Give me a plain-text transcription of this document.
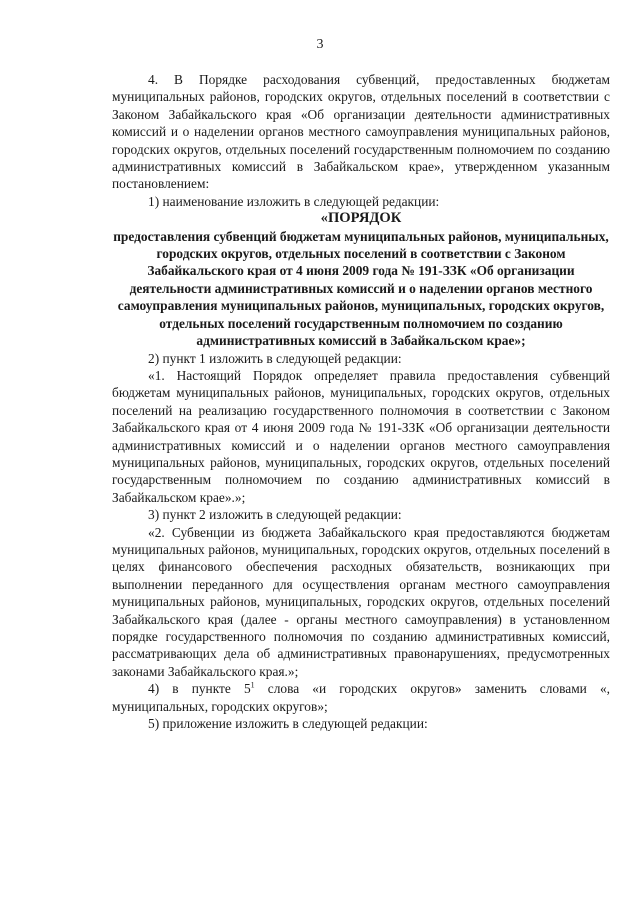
3

4. В Порядке расходования субвенций, предоставленных бюджетам муниципальных районов, городских округов, отдельных поселений в соответствии с Законом Забайкальского края «Об организации деятельности административных комиссий и о наделении органов местного самоуправления муниципальных районов, городских округов, отдельных поселений государственным полномочием по созданию административных комиссий в Забайкальском крае», утвержденном указанным постановлением:

1) наименование изложить в следующей редакции:

«ПОРЯДОК

предоставления субвенций бюджетам муниципальных районов, муниципальных, городских округов, отдельных поселений в соответствии с Законом Забайкальского края от 4 июня 2009 года № 191-ЗЗК «Об организации деятельности административных комиссий и о наделении органов местного самоуправления муниципальных районов, муниципальных, городских округов, отдельных поселений государственным полномочием по созданию административных комиссий в Забайкальском крае»;

2) пункт 1 изложить в следующей редакции:

«1. Настоящий Порядок определяет правила предоставления субвенций бюджетам муниципальных районов, муниципальных, городских округов, отдельных поселений на реализацию государственного полномочия в соответствии с Законом Забайкальского края от 4 июня 2009 года № 191-ЗЗК «Об организации деятельности административных комиссий и о наделении органов местного самоуправления муниципальных районов, муниципальных, городских округов, отдельных поселений государственным полномочием по созданию административных комиссий в Забайкальском крае».»;

3) пункт 2 изложить в следующей редакции:

«2. Субвенции из бюджета Забайкальского края предоставляются бюджетам муниципальных районов, муниципальных, городских округов, отдельных поселений в целях финансового обеспечения расходных обязательств, возникающих при выполнении переданного для осуществления органам местного самоуправления муниципальных районов, муниципальных, городских округов, отдельных поселений Забайкальского края (далее - органы местного самоуправления) в установленном порядке государственного полномочия по созданию административных комиссий, рассматривающих дела об административных правонарушениях, предусмотренных законами Забайкальского края.»;

4) в пункте $5^1$ слова «и городских округов» заменить словами «, муниципальных, городских округов»;

5) приложение изложить в следующей редакции:
